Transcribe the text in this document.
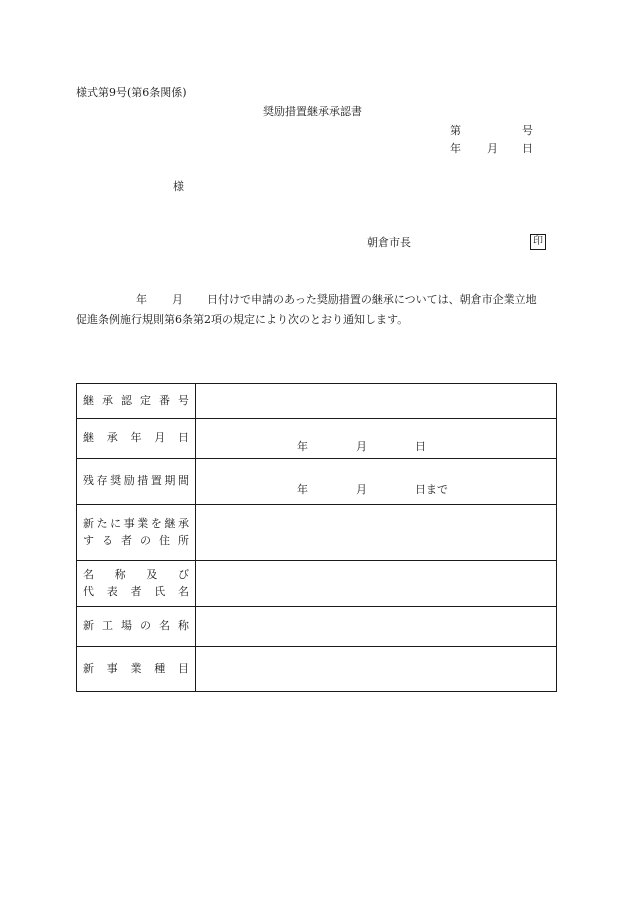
様式第9号(第6条関係)
奨励措置継承承認書
第	号
年 月 日
様
朝倉市長	印
年 月 日付けで申請のあった奨励措置の継承については、朝倉市企業立地
促進条例施行規則第6条第2項の規定により次のとおり通知します。
継承認定番号	
継承年月日	年 月 日

残存奨励措置期間	年 月 日まで

新たに事業を継承
する者の住所	

名称及び
代表者氏名	

新工場の名称	
新事業種目	
